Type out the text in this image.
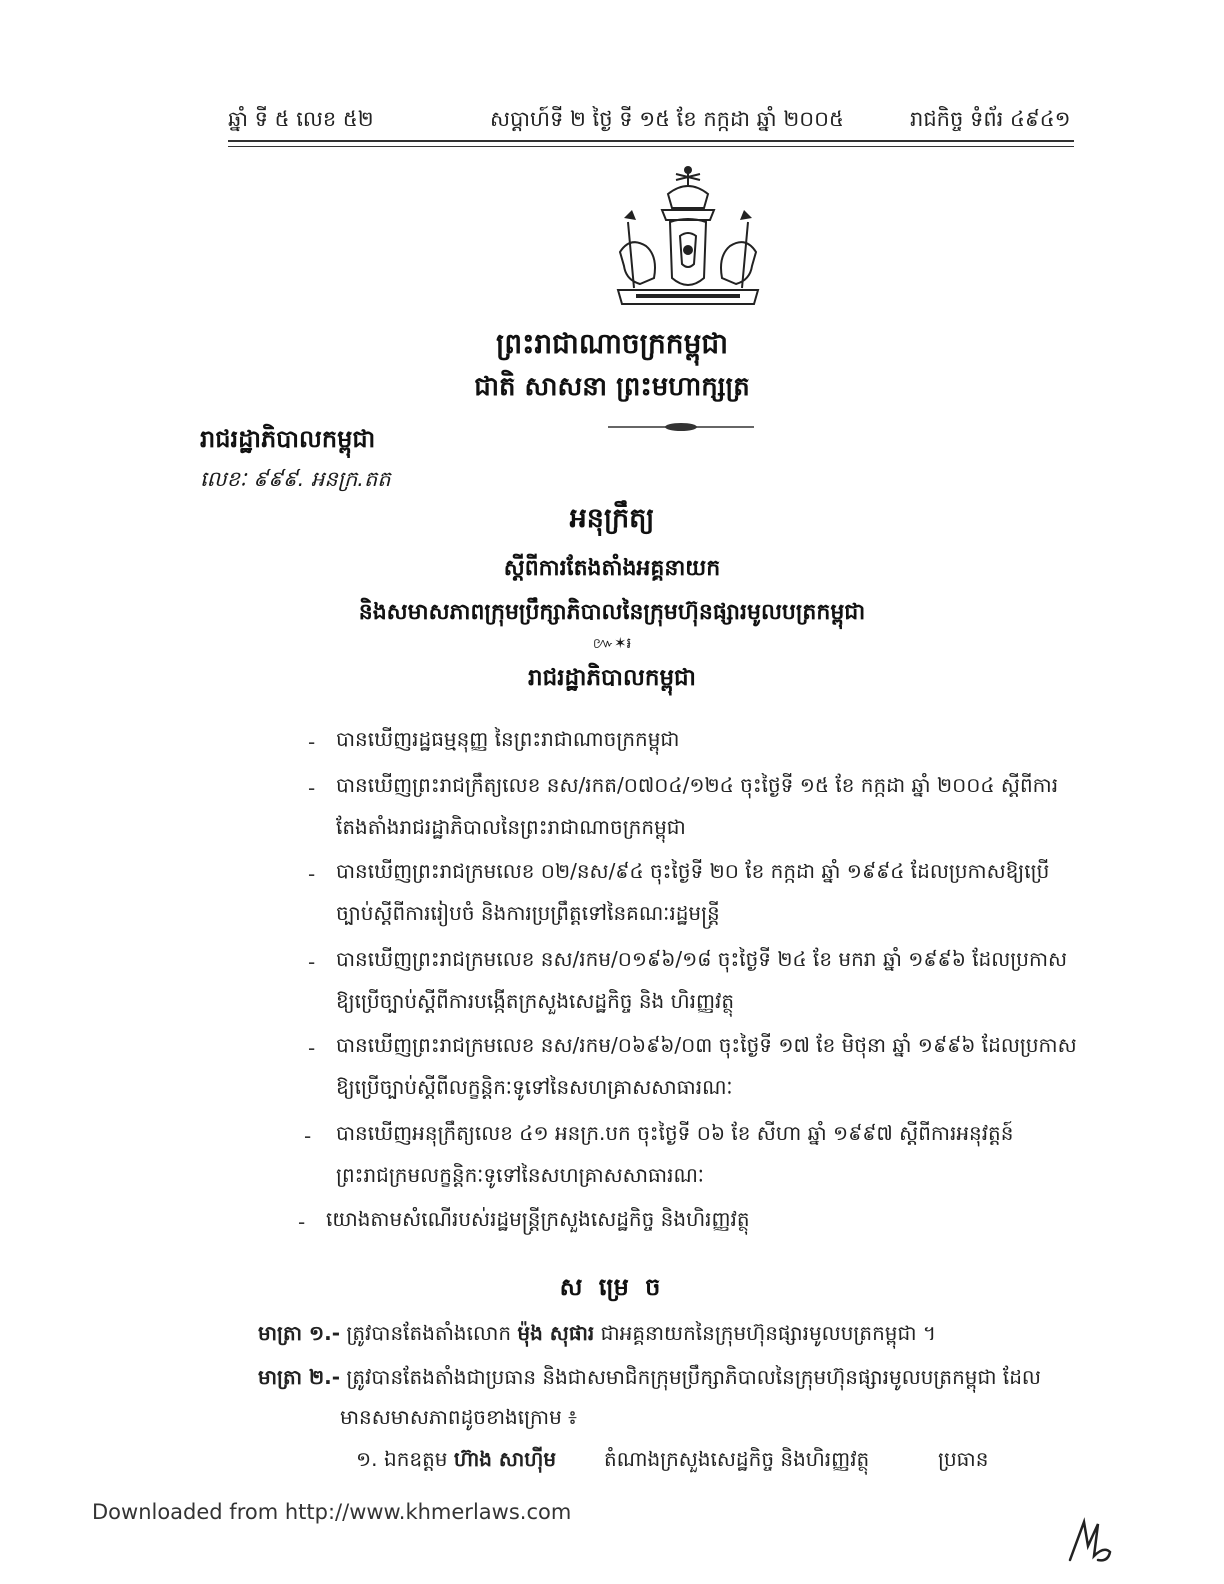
ឆ្នាំ ទី ៥ លេខ ៥២	សប្តាហ៍ទី ២ ថ្ងៃ ទី ១៥ ខែ កក្កដា ឆ្នាំ ២០០៥	រាជកិច្ច ទំព័រ ៤៩៤១
ព្រះរាជាណាចក្រកម្ពុជា
ជាតិ សាសនា ព្រះមហាក្សត្រ
រាជរដ្ឋាភិបាលកម្ពុជា
លេខៈ ៩៩៩. អនក្រ.តត
អនុក្រឹត្យ
ស្តីពីការតែងតាំងអគ្គនាយក
និងសមាសភាពក្រុមប្រឹក្សាភិបាលនៃក្រុមហ៊ុនផ្សារមូលបត្រកម្ពុជា
៚✶៛
រាជរដ្ឋាភិបាលកម្ពុជា
- បានឃើញរដ្ឋធម្មនុញ្ញ នៃព្រះរាជាណាចក្រកម្ពុជា
- បានឃើញព្រះរាជក្រឹត្យលេខ នស/រកត/០៧០៤/១២៤ ចុះថ្ងៃទី ១៥ ខែ កក្កដា ឆ្នាំ ២០០៤ ស្តីពីការ
តែងតាំងរាជរដ្ឋាភិបាលនៃព្រះរាជាណាចក្រកម្ពុជា
- បានឃើញព្រះរាជក្រមលេខ ០២/នស/៩៤ ចុះថ្ងៃទី ២០ ខែ កក្កដា ឆ្នាំ ១៩៩៤ ដែលប្រកាសឱ្យប្រើ
ច្បាប់ស្តីពីការរៀបចំ និងការប្រព្រឹត្តទៅនៃគណៈរដ្ឋមន្ត្រី
- បានឃើញព្រះរាជក្រមលេខ នស/រកម/០១៩៦/១៨ ចុះថ្ងៃទី ២៤ ខែ មករា ឆ្នាំ ១៩៩៦ ដែលប្រកាស
ឱ្យប្រើច្បាប់ស្តីពីការបង្កើតក្រសួងសេដ្ឋកិច្ច និង ហិរញ្ញវត្ថុ
- បានឃើញព្រះរាជក្រមលេខ នស/រកម/០៦៩៦/០៣ ចុះថ្ងៃទី ១៧ ខែ មិថុនា ឆ្នាំ ១៩៩៦ ដែលប្រកាស
ឱ្យប្រើច្បាប់ស្តីពីលក្ខន្តិកៈទូទៅនៃសហគ្រាសសាធារណៈ
- បានឃើញអនុក្រឹត្យលេខ ៤១ អនក្រ.បក ចុះថ្ងៃទី ០៦ ខែ សីហា ឆ្នាំ ១៩៩៧ ស្តីពីការអនុវត្តន៍
ព្រះរាជក្រមលក្ខន្តិកៈទូទៅនៃសហគ្រាសសាធារណៈ
- យោងតាមសំណើរបស់រដ្ឋមន្ត្រីក្រសួងសេដ្ឋកិច្ច និងហិរញ្ញវត្ថុ
ស ម្រេ ច
មាត្រា ១.- ត្រូវបានតែងតាំងលោក ម៉ុង សុផារ ជាអគ្គនាយកនៃក្រុមហ៊ុនផ្សារមូលបត្រកម្ពុជា ។
មាត្រា ២.- ត្រូវបានតែងតាំងជាប្រធាន និងជាសមាជិកក្រុមប្រឹក្សាភិបាលនៃក្រុមហ៊ុនផ្សារមូលបត្រកម្ពុជា ដែល
មានសមាសភាពដូចខាងក្រោម ៖
១. ឯកឧត្តម ហ៊ាង សាហ៊ីម តំណាងក្រសួងសេដ្ឋកិច្ច និងហិរញ្ញវត្ថុ	ប្រធាន
Downloaded from http://www.khmerlaws.com
